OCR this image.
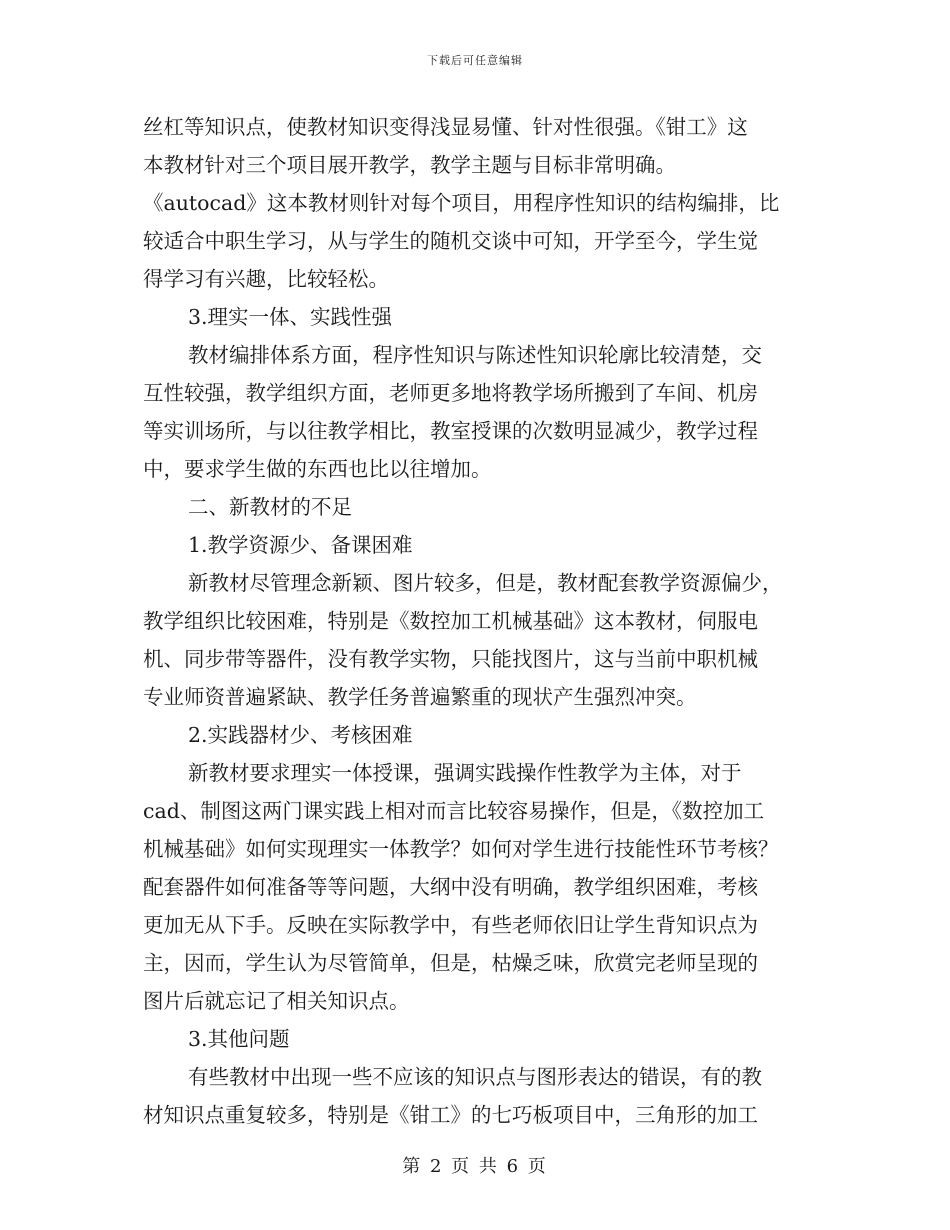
下载后可任意编辑
丝杠等知识点，使教材知识变得浅显易懂、针对性很强。《钳工》这
本教材针对三个项目展开教学，教学主题与目标非常明确。
《autocad》这本教材则针对每个项目，用程序性知识的结构编排，比
较适合中职生学习，从与学生的随机交谈中可知，开学至今，学生觉
得学习有兴趣，比较轻松。
3.理实一体、实践性强
教材编排体系方面，程序性知识与陈述性知识轮廓比较清楚，交
互性较强，教学组织方面，老师更多地将教学场所搬到了车间、机房
等实训场所，与以往教学相比，教室授课的次数明显减少，教学过程
中，要求学生做的东西也比以往增加。
二、新教材的不足
1.教学资源少、备课困难
新教材尽管理念新颖、图片较多，但是，教材配套教学资源偏少，
教学组织比较困难，特别是《数控加工机械基础》这本教材，伺服电
机、同步带等器件，没有教学实物，只能找图片，这与当前中职机械
专业师资普遍紧缺、教学任务普遍繁重的现状产生强烈冲突。
2.实践器材少、考核困难
新教材要求理实一体授课，强调实践操作性教学为主体，对于
cad、制图这两门课实践上相对而言比较容易操作，但是，《数控加工
机械基础》如何实现理实一体教学？如何对学生进行技能性环节考核？
配套器件如何准备等等问题，大纲中没有明确，教学组织困难，考核
更加无从下手。反映在实际教学中，有些老师依旧让学生背知识点为
主，因而，学生认为尽管简单，但是，枯燥乏味，欣赏完老师呈现的
图片后就忘记了相关知识点。
3.其他问题
有些教材中出现一些不应该的知识点与图形表达的错误，有的教
材知识点重复较多，特别是《钳工》的七巧板项目中，三角形的加工
第 2 页 共 6 页
